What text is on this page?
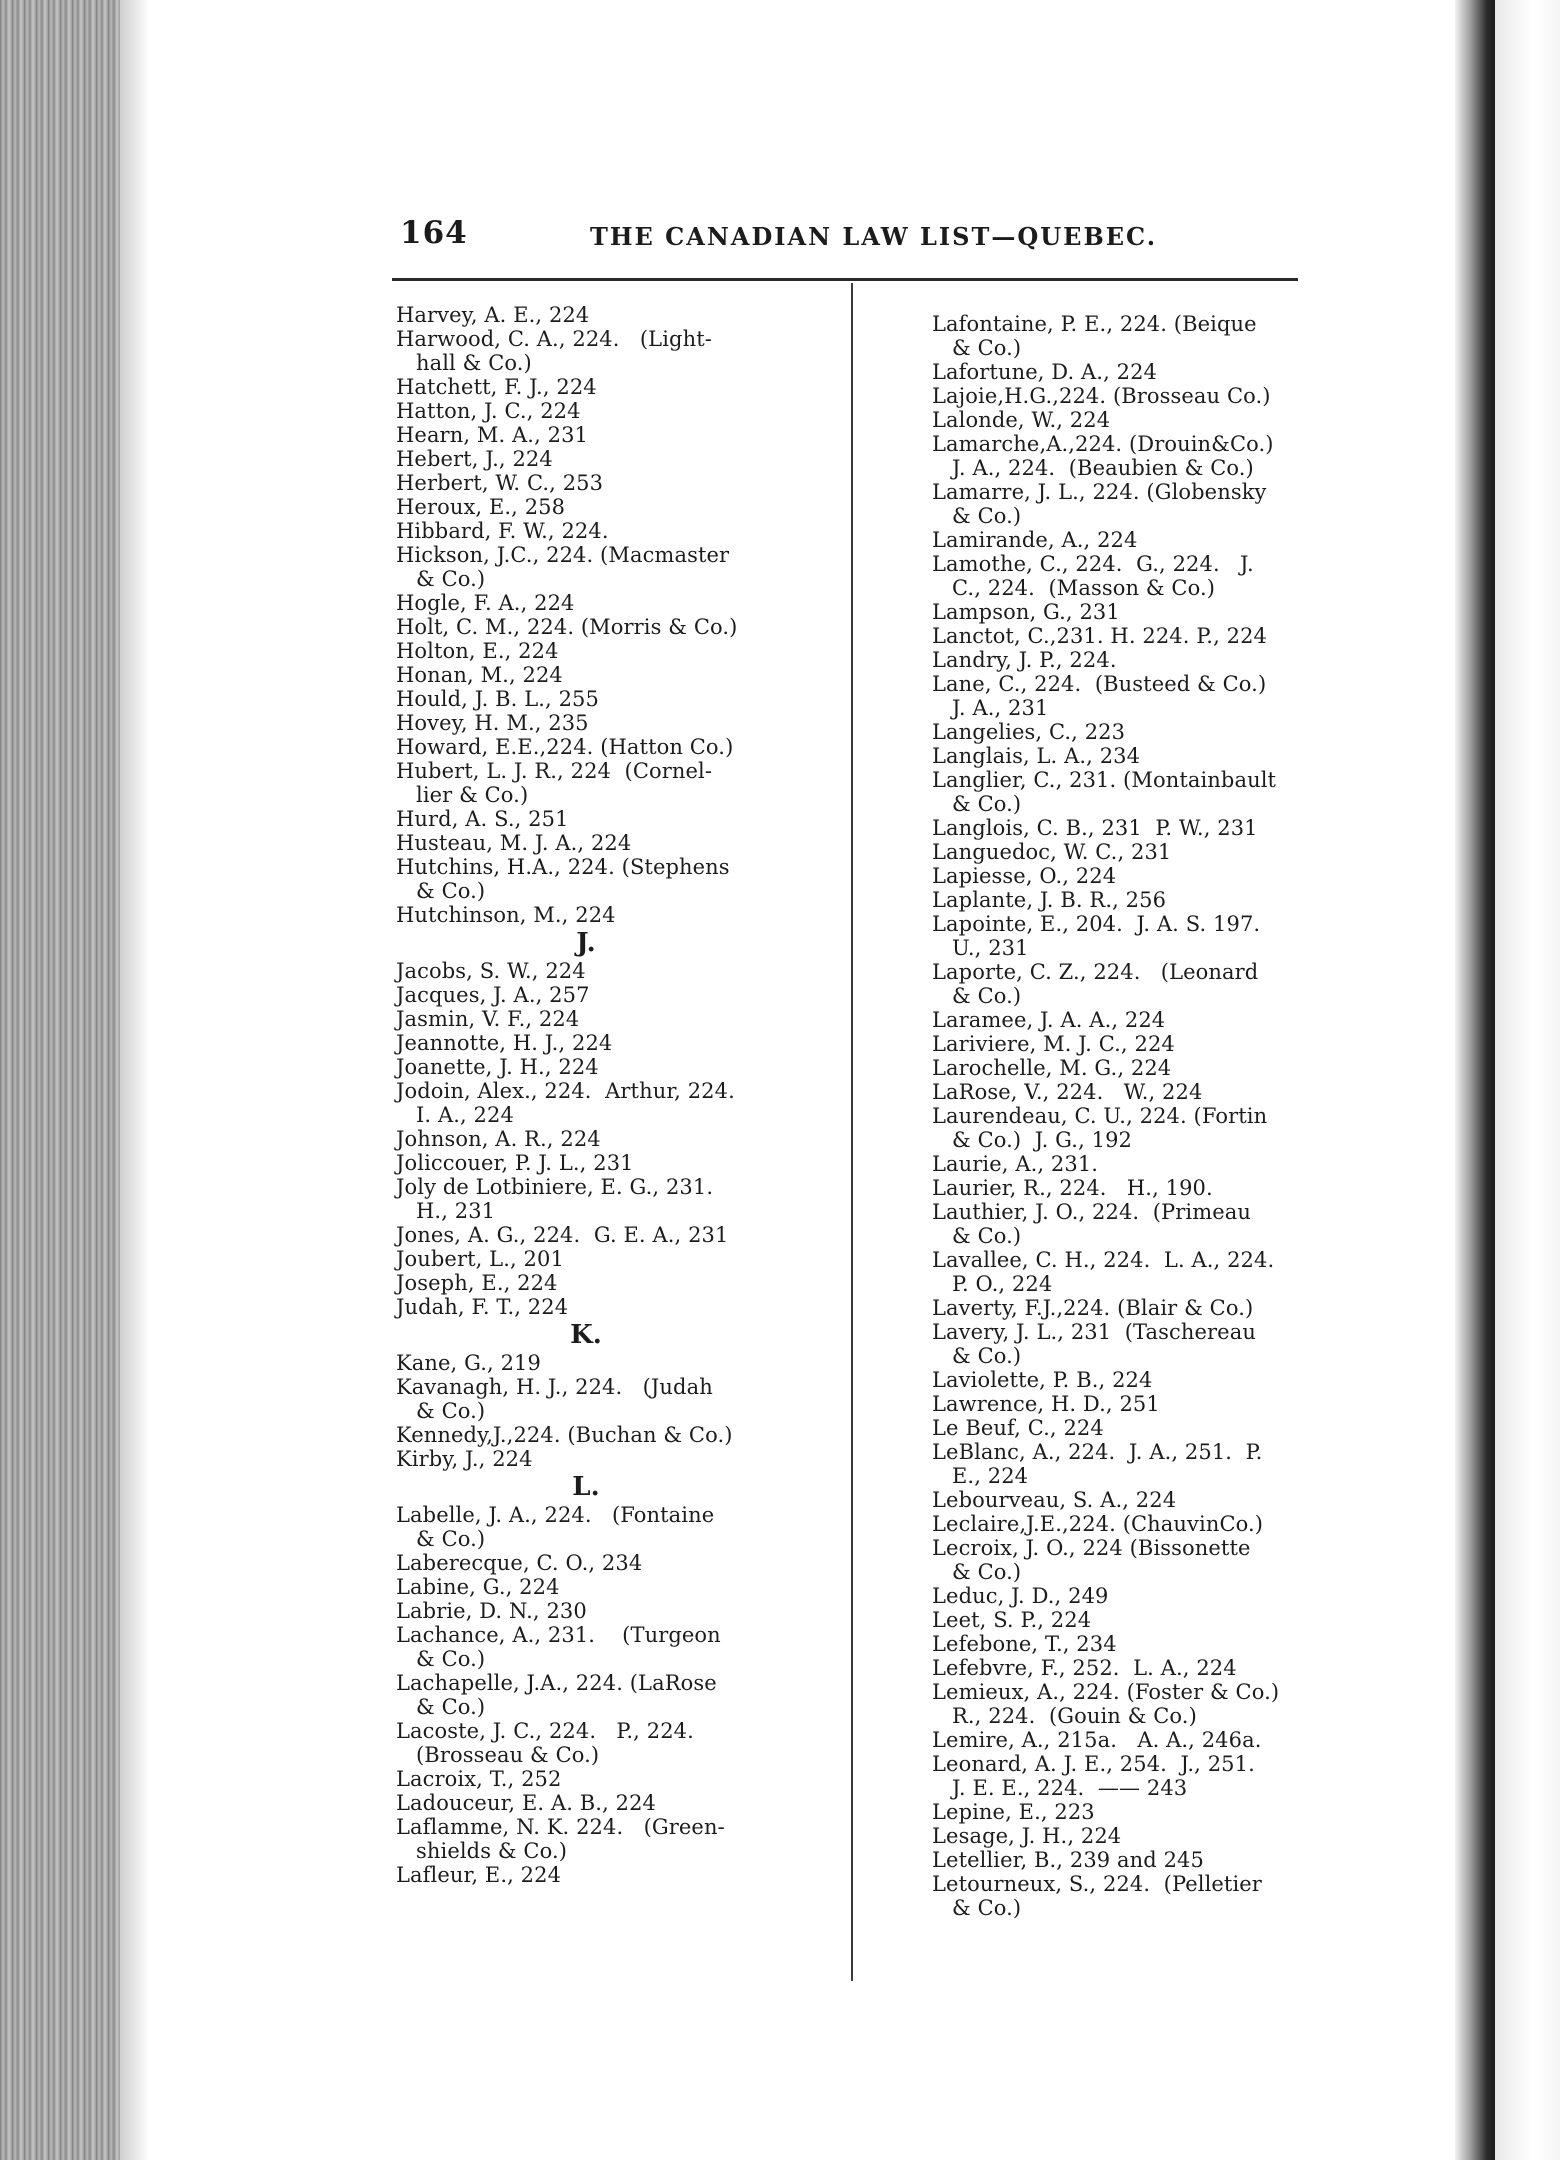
164	THE CANADIAN LAW LIST—QUEBEC.
Harvey, A. E., 224
Harwood, C. A., 224.   (Light-
hall & Co.)
Hatchett, F. J., 224
Hatton, J. C., 224
Hearn, M. A., 231
Hebert, J., 224
Herbert, W. C., 253
Heroux, E., 258
Hibbard, F. W., 224.
Hickson, J.C., 224. (Macmaster
& Co.)
Hogle, F. A., 224
Holt, C. M., 224. (Morris & Co.)
Holton, E., 224
Honan, M., 224
Hould, J. B. L., 255
Hovey, H. M., 235
Howard, E.E.,224. (Hatton Co.)
Hubert, L. J. R., 224  (Cornel-
lier & Co.)
Hurd, A. S., 251
Husteau, M. J. A., 224
Hutchins, H.A., 224. (Stephens
& Co.)
Hutchinson, M., 224
J.
Jacobs, S. W., 224
Jacques, J. A., 257
Jasmin, V. F., 224
Jeannotte, H. J., 224
Joanette, J. H., 224
Jodoin, Alex., 224.  Arthur, 224.
I. A., 224
Johnson, A. R., 224
Joliccouer, P. J. L., 231
Joly de Lotbiniere, E. G., 231.
H., 231
Jones, A. G., 224.  G. E. A., 231
Joubert, L., 201
Joseph, E., 224
Judah, F. T., 224
K.
Kane, G., 219
Kavanagh, H. J., 224.   (Judah
& Co.)
Kennedy,J.,224. (Buchan & Co.)
Kirby, J., 224
L.
Labelle, J. A., 224.   (Fontaine
& Co.)
Laberecque, C. O., 234
Labine, G., 224
Labrie, D. N., 230
Lachance, A., 231.    (Turgeon
& Co.)
Lachapelle, J.A., 224. (LaRose
& Co.)
Lacoste, J. C., 224.   P., 224.
(Brosseau & Co.)
Lacroix, T., 252
Ladouceur, E. A. B., 224
Laflamme, N. K. 224.   (Green-
shields & Co.)
Lafleur, E., 224
Lafontaine, P. E., 224. (Beique
& Co.)
Lafortune, D. A., 224
Lajoie,H.G.,224. (Brosseau Co.)
Lalonde, W., 224
Lamarche,A.,224. (Drouin&Co.)
J. A., 224.  (Beaubien & Co.)
Lamarre, J. L., 224. (Globensky
& Co.)
Lamirande, A., 224
Lamothe, C., 224.  G., 224.   J.
C., 224.  (Masson & Co.)
Lampson, G., 231
Lanctot, C.,231. H. 224. P., 224
Landry, J. P., 224.
Lane, C., 224.  (Busteed & Co.)
J. A., 231
Langelies, C., 223
Langlais, L. A., 234
Langlier, C., 231. (Montainbault
& Co.)
Langlois, C. B., 231  P. W., 231
Languedoc, W. C., 231
Lapiesse, O., 224
Laplante, J. B. R., 256
Lapointe, E., 204.  J. A. S. 197.
U., 231
Laporte, C. Z., 224.   (Leonard
& Co.)
Laramee, J. A. A., 224
Lariviere, M. J. C., 224
Larochelle, M. G., 224
LaRose, V., 224.   W., 224
Laurendeau, C. U., 224. (Fortin
& Co.)  J. G., 192
Laurie, A., 231.
Laurier, R., 224.   H., 190.
Lauthier, J. O., 224.  (Primeau
& Co.)
Lavallee, C. H., 224.  L. A., 224.
P. O., 224
Laverty, F.J.,224. (Blair & Co.)
Lavery, J. L., 231  (Taschereau
& Co.)
Laviolette, P. B., 224
Lawrence, H. D., 251
Le Beuf, C., 224
LeBlanc, A., 224.  J. A., 251.  P.
E., 224
Lebourveau, S. A., 224
Leclaire,J.E.,224. (ChauvinCo.)
Lecroix, J. O., 224 (Bissonette
& Co.)
Leduc, J. D., 249
Leet, S. P., 224
Lefebone, T., 234
Lefebvre, F., 252.  L. A., 224
Lemieux, A., 224. (Foster & Co.)
R., 224.  (Gouin & Co.)
Lemire, A., 215a.   A. A., 246a.
Leonard, A. J. E., 254.  J., 251.
J. E. E., 224.  —— 243
Lepine, E., 223
Lesage, J. H., 224
Letellier, B., 239 and 245
Letourneux, S., 224.  (Pelletier
& Co.)
